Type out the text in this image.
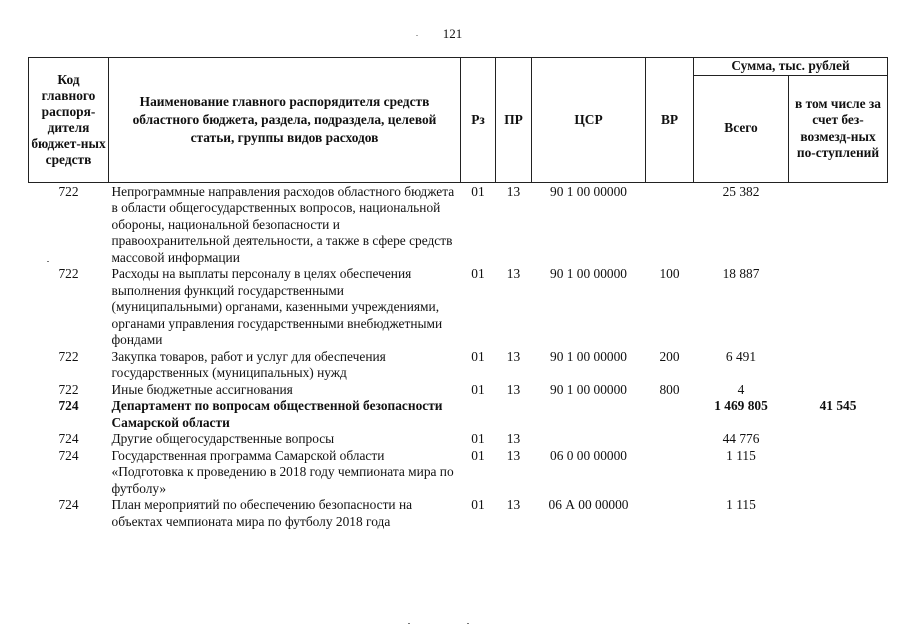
121
Код главного распоря-дителя бюджет-ных средств	Наименование главного распорядителя средств областного бюджета, раздела, подраздела, целевой статьи, группы видов расходов	Рз	ПР	ЦСР	ВР	Сумма, тыс. рублей	
						Всего	в том числе за счет без-возмезд-ных по-ступлений
722	Непрограммные направления расходов областного бюджета в области общегосударственных вопросов, национальной обороны, национальной безопасности и правоохранительной деятельности, а также в сфере средств массовой информации	01	13	90 1 00 00000		25 382	
722	Расходы на выплаты персоналу в целях обеспечения выполнения функций государственными (муниципальными) органами, казенными учреждениями, органами управления государственными внебюджетными фондами	01	13	90 1 00 00000	100	18 887	
722	Закупка товаров, работ и услуг для обеспечения государственных (муниципальных) нужд	01	13	90 1 00 00000	200	6 491	
722	Иные бюджетные ассигнования	01	13	90 1 00 00000	800	4	
724	Департамент по вопросам общественной безопасности Самарской области					1 469 805	41 545
724	Другие общегосударственные вопросы	01	13			44 776	
724	Государственная программа Самарской области «Подготовка к проведению в 2018 году чемпионата мира по футболу»	01	13	06 0 00 00000		1 115	
724	План мероприятий по обеспечению безопасности на объектах чемпионата мира по футболу 2018 года	01	13	06 А 00 00000		1 115	
